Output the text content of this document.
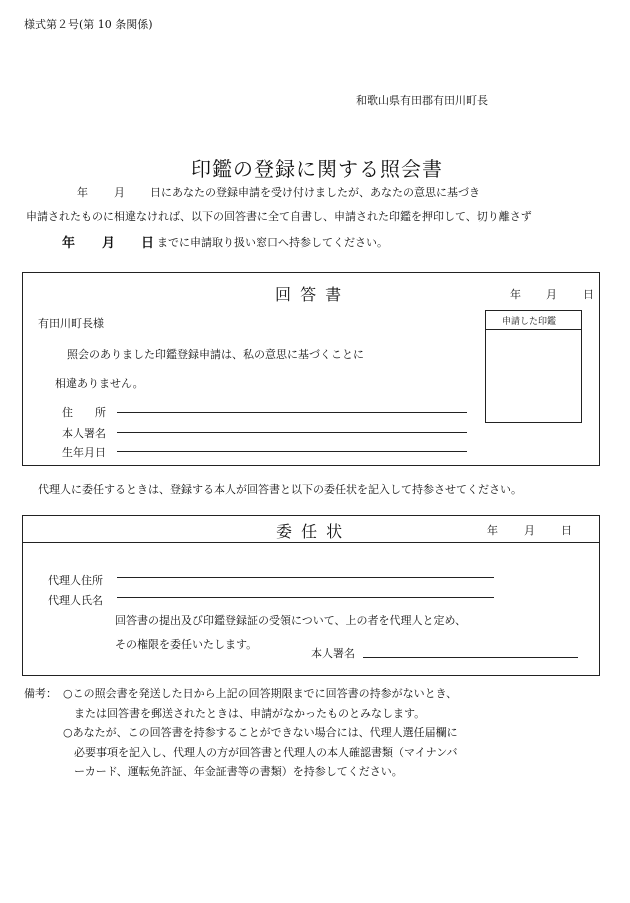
様式第２号(第 10 条関係)
和歌山県有田郡有田川町長
印鑑の登録に関する照会書
年 月 日にあなたの登録申請を受け付けましたが、あなたの意思に基づき
申請されたものに相違なければ、以下の回答書に全て自書し、申請された印鑑を押印して、切り離さず
年 月 日 までに申請取り扱い窓口へ持参してください。
回 答 書	年 月 日
有田川町長様	申請した印鑑
照会のありました印鑑登録申請は、私の意思に基づくことに
相違ありません。
住　　所
本人署名
生年月日
代理人に委任するときは、登録する本人が回答書と以下の委任状を記入して持参させてください。
委 任 状	年 月 日
代理人住所
代理人氏名
回答書の提出及び印鑑登録証の受領について、上の者を代理人と定め、
その権限を委任いたします。
本人署名
備考： ○この照会書を発送した日から上記の回答期限までに回答書の持参がないとき、
または回答書を郵送されたときは、申請がなかったものとみなします。
○あなたが、この回答書を持参することができない場合には、代理人選任届欄に
必要事項を記入し、代理人の方が回答書と代理人の本人確認書類（マイナンバ
ーカード、運転免許証、年金証書等の書類）を持参してください。
